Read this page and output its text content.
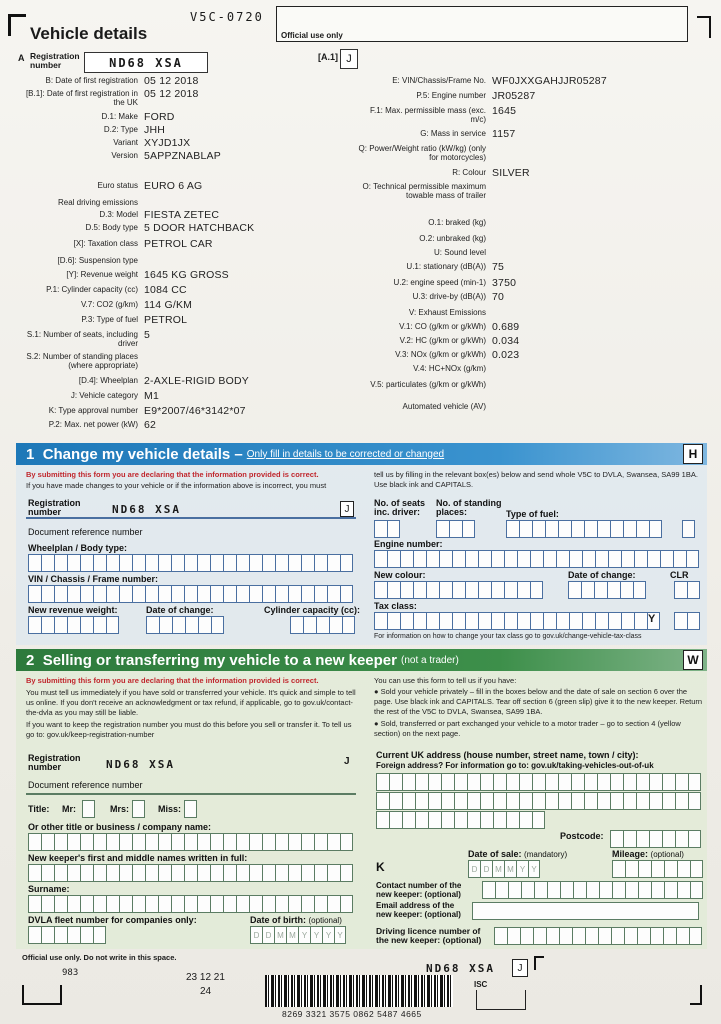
V5C-0720
Official use only
Vehicle details
A Registration number	ND68 XSA	[A.1] J
B: Date of first registration 05 12 2018
[B.1]: Date of first registration in the UK
05 12 2018
D.1: Make FORD
D.2: Type JHH
Variant XYJD1JX
Version 5APPZNABLAP
Euro status EURO 6 AG
Real driving emissions
D.3: Model FIESTA ZETEC
D.5: Body type 5 DOOR HATCHBACK
[X]: Taxation class PETROL CAR
[D.6]: Suspension type
[Y]: Revenue weight 1645 KG GROSS
P.1: Cylinder capacity (cc) 1084 CC
V.7: CO2 (g/km) 114 G/KM
P.3: Type of fuel PETROL
S.1: Number of seats, including driver
5
S.2: Number of standing places (where appropriate)
[D.4]: Wheelplan 2-AXLE-RIGID BODY
J: Vehicle category M1
K: Type approval number E9*2007/46*3142*07
P.2: Max. net power (kW) 62
E: VIN/Chassis/Frame No. WF0JXXGAHJJR05287
P.5: Engine number JR05287
F.1: Max. permissible mass (exc. m/c)
1645
G: Mass in service 1157
Q: Power/Weight ratio (kW/kg) (only for motorcycles)
R: Colour SILVER
O: Technical permissible maximum towable mass of trailer
O.1: braked (kg)
O.2: unbraked (kg)
U: Sound level
U.1: stationary (dB(A)) 75
U.2: engine speed (min-1) 3750
U.3: drive-by (dB(A)) 70
V: Exhaust Emissions
V.1: CO (g/km or g/kWh) 0.689
V.2: HC (g/km or g/kWh) 0.034
V.3: NOx (g/km or g/kWh) 0.023
V.4: HC+NOx (g/km)
V.5: particulates (g/km or g/kWh)
Automated vehicle (AV)
1
Change my vehicle details – Only fill in details to be corrected or changed	H
By submitting this form you are declaring that the information provided is correct.
If you have made changes to your vehicle or if the information above is incorrect, you must
tell us by filling in the relevant box(es) below and send whole V5C to DVLA, Swansea, SA99 1BA. Use black ink and CAPITALS.
Registration number	ND68 XSA	J
Document reference number
Wheelplan / Body type:
VIN / Chassis / Frame number:
New revenue weight:	Date of change:	Cylinder capacity (cc):
No. of seats inc. driver:
No. of standing places:	Type of fuel:
Engine number:
New colour:	Date of change:	CLR
Tax class:
Y
For information on how to change your tax class go to gov.uk/change-vehicle-tax-class
2
Selling or transferring my vehicle to a new keeper (not a trader)	W
By submitting this form you are declaring that the information provided is correct.
You must tell us immediately if you have sold or transferred your vehicle. It's quick and simple to tell us online. If you don't receive an acknowledgment or tax refund, if applicable, go to gov.uk/contact-the-dvla as you may still be liable.
If you want to keep the registration number you must do this before you sell or transfer it. To tell us go to: gov.uk/keep-registration-number
You can use this form to tell us if you have:
● Sold your vehicle privately – fill in the boxes below and the date of sale on section 6 over the page. Use black ink and CAPITALS. Tear off section 6 (green slip) give it to the new keeper. Return the rest of the V5C to DVLA, Swansea, SA99 1BA.
● Sold, transferred or part exchanged your vehicle to a motor trader – go to section 4 (yellow section) on the next page.
Registration number	ND68 XSA	J
Document reference number
Title: Mr:	Mrs:	Miss:
Or other title or business / company name:
New keeper's first and middle names written in full:
Surname:
DVLA fleet number for companies only:	Date of birth: (optional)
D D M M Y Y Y Y
Current UK address (house number, street name, town / city):
Foreign address? For information go to: gov.uk/taking-vehicles-out-of-uk
Postcode:
K
Date of sale: (mandatory)
D D M M Y Y
Mileage: (optional)
Contact number of the new keeper: (optional)
Email address of the new keeper: (optional)
Driving licence number of the new keeper: (optional)
Official use only. Do not write in this space.
983	23 12 21
24
8269 3321 3575 0862 5487 4665
ND68 XSA	J
ISC
